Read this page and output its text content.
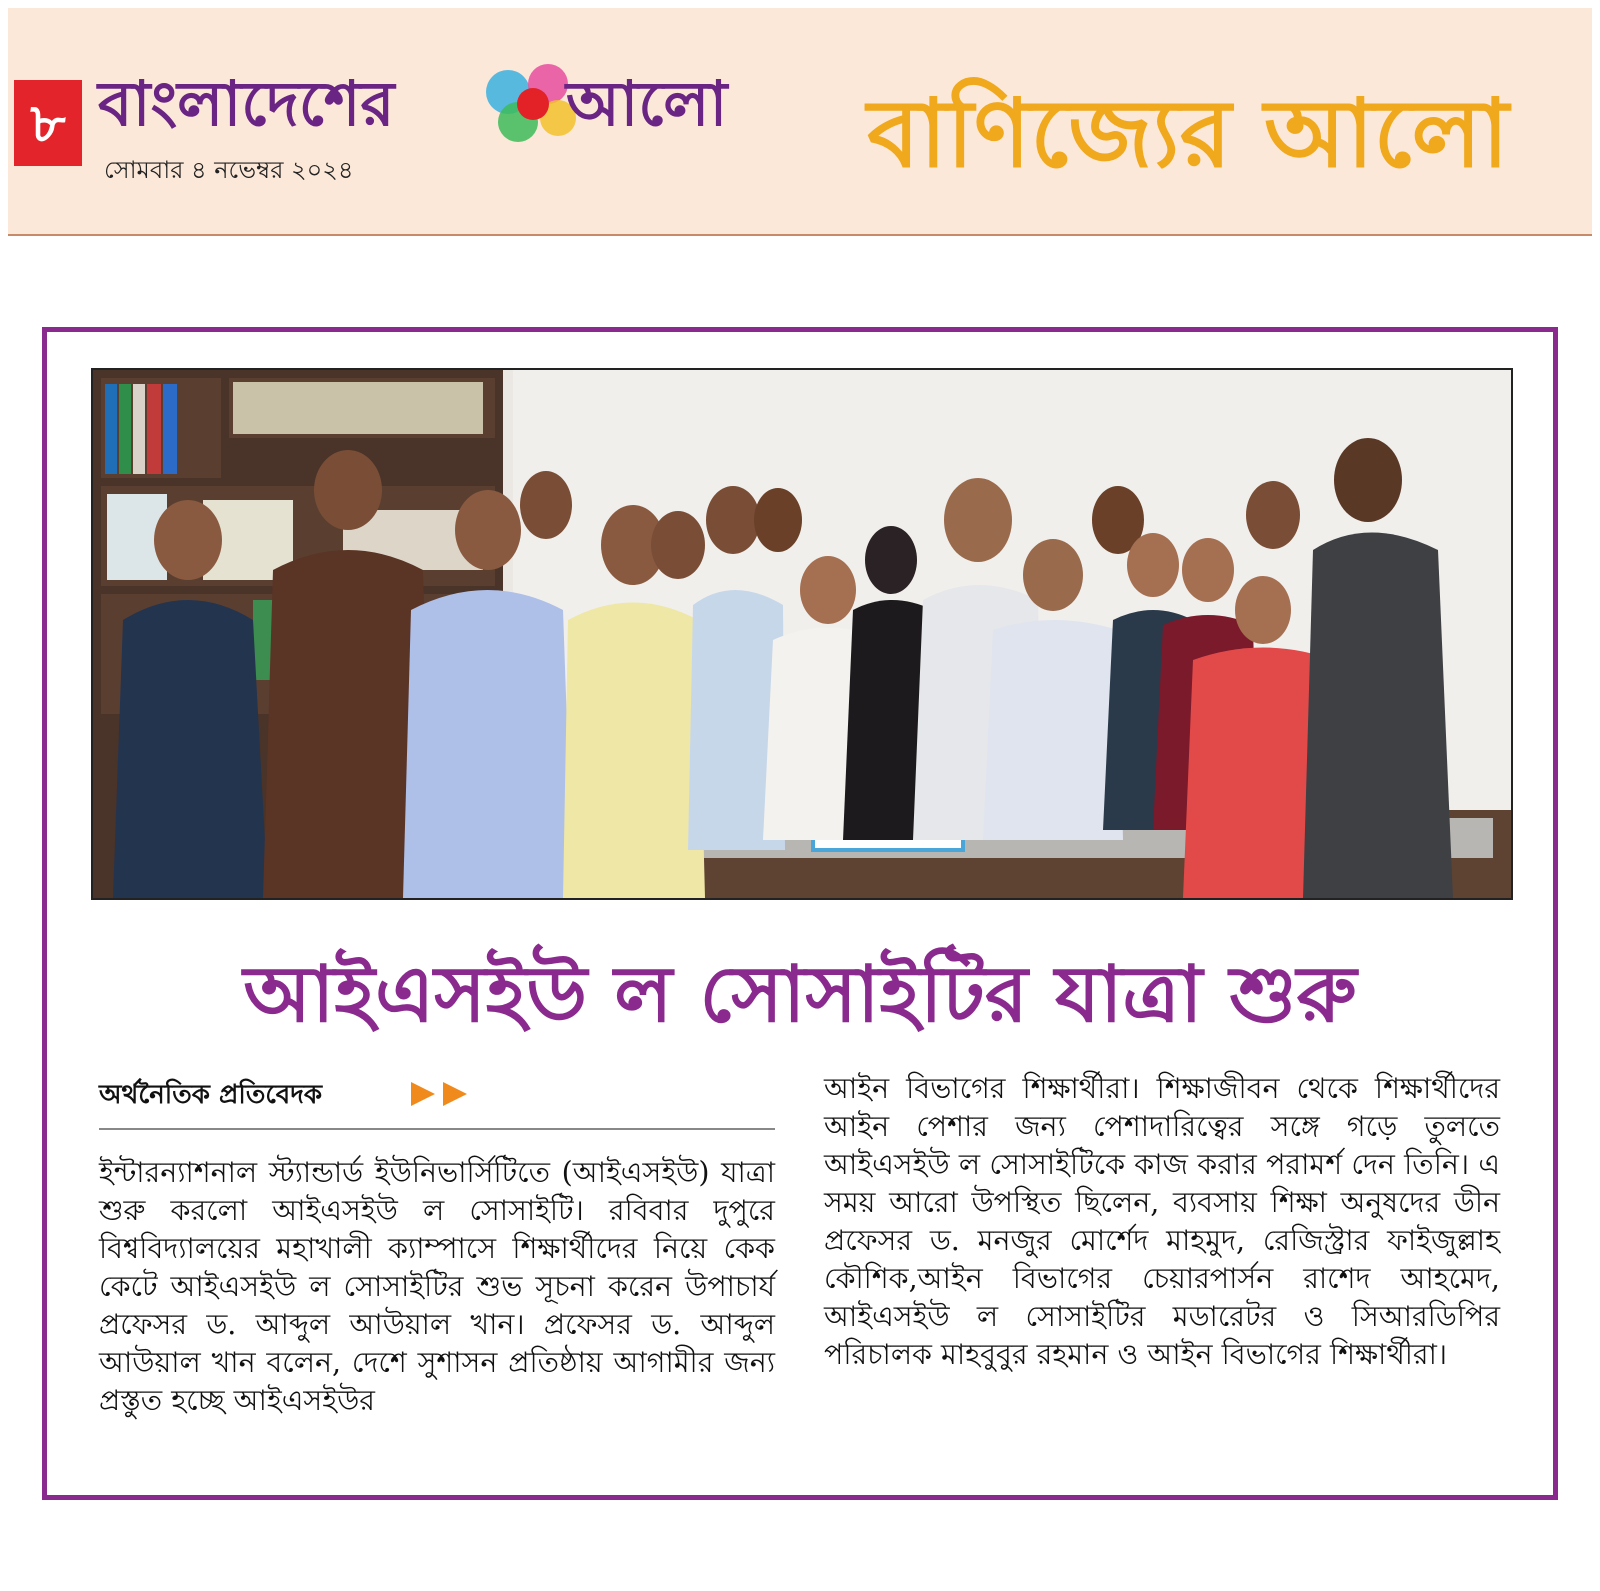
৮ বাংলাদেশের	আলো
সোমবার ৪ নভেম্বর ২০২৪	বাণিজ্যের আলো
আইএসইউ ল সোসাইটির যাত্রা শুরু
অর্থনৈতিক প্রতিবেদক

ইন্টারন্যাশনাল স্ট্যান্ডার্ড ইউনিভার্সিটিতে (আইএসইউ) যাত্রা শুরু করলো আইএসইউ ল সোসাইটি। রবিবার দুপুরে বিশ্ববিদ্যালয়ের মহাখালী ক্যাম্পাসে শিক্ষার্থীদের নিয়ে কেক কেটে আইএসইউ ল সোসাইটির শুভ সূচনা করেন উপাচার্য প্রফেসর ড. আব্দুল আউয়াল খান। প্রফেসর ড. আব্দুল আউয়াল খান বলেন, দেশে সুশাসন প্রতিষ্ঠায় আগামীর জন্য প্রস্তুত হচ্ছে আইএসইউর

আইন বিভাগের শিক্ষার্থীরা। শিক্ষাজীবন থেকে শিক্ষার্থীদের আইন পেশার জন্য পেশাদারিত্বের সঙ্গে গড়ে তুলতে আইএসইউ ল সোসাইটিকে কাজ করার পরামর্শ দেন তিনি। এ সময় আরো উপস্থিত ছিলেন, ব্যবসায় শিক্ষা অনুষদের ডীন প্রফেসর ড. মনজুর মোর্শেদ মাহমুদ, রেজিস্ট্রার ফাইজুল্লাহ কৌশিক,আইন বিভাগের চেয়ারপার্সন রাশেদ আহমেদ, আইএসইউ ল সোসাইটির মডারেটর ও সিআরডিপির পরিচালক মাহবুবুর রহমান ও আইন বিভাগের শিক্ষার্থীরা।
